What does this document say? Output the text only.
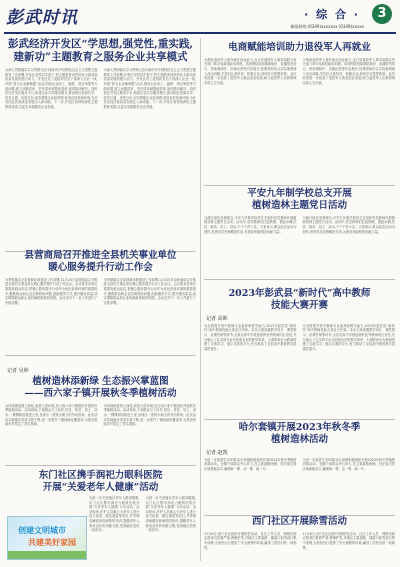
彭武时讯	· 综 合 ·	3
新闻热线:(0349)xxxxxxx (0349)xxxxx
彭武经济开发区“学思想,强党性,重实践,
建新功”主题教育之服务企业共享模式

为深入贯彻落实学习贯彻习近平新时代中国特色社会主义思想主题教育工作部署,开发区坚持以学促干,把主题教育成效转化为推动高质量发展的强大动力。开发区党工委组织党员干部深入企业一线,开展“我为企业解难题”活动,围绕企业用工、融资、项目审批等方面问题,建立问题清单、责任清单和整改清单,逐项推动解决。同时依托开发区服务平台,构建企业共享服务模式,推动园区资源共享、信息互通、优势互补,切实增强企业获得感,营造良好营商环境,为开发区经济高质量发展注入新动能。下一步,开发区将持续深化主题教育成果,以更实举措服务企业发展。

为深入贯彻落实学习贯彻习近平新时代中国特色社会主义思想主题教育工作部署,开发区坚持以学促干,把主题教育成效转化为推动高质量发展的强大动力。开发区党工委组织党员干部深入企业一线,开展“我为企业解难题”活动,围绕企业用工、融资、项目审批等方面问题,建立问题清单、责任清单和整改清单,逐项推动解决。同时依托开发区服务平台,构建企业共享服务模式,推动园区资源共享、信息互通、优势互补,切实增强企业获得感,营造良好营商环境,为开发区经济高质量发展注入新动能。下一步,开发区将持续深化主题教育成果,以更实举措服务企业发展。

县营商局召开推进全县机关事业单位
暖心服务提升行动工作会

为贯彻落实全县营商环境建设工作部署,11月20日县营商局召开推进全县机关事业单位暖心服务提升行动工作会议。会议要求各单位要提高政治站位,把暖心服务提升行动作为优化营商环境的重要抓手,聚焦群众和企业急难愁盼问题,创新服务方式,提升服务质量,切实增强群众和企业的满意度和获得感。会议还对下一步工作进行了安排部署。

为贯彻落实全县营商环境建设工作部署,11月20日县营商局召开推进全县机关事业单位暖心服务提升行动工作会议。会议要求各单位要提高政治站位,把暖心服务提升行动作为优化营商环境的重要抓手,聚焦群众和企业急难愁盼问题,创新服务方式,提升服务质量,切实增强群众和企业的满意度和获得感。会议还对下一步工作进行了安排部署。

记者 吴婷
植树造林添新绿 生态振兴掌蓝图
——西六家子镇开展秋冬季植树活动

为持续推进国土绿化,改善人居环境,近日西六家子镇组织开展秋冬季植树活动。活动现场,干部群众分工协作,挖坑、扶苗、培土、浇水,一棵棵树苗栽进土里,呈现出一派热火朝天的劳动景象。此次活动共栽植各类苗木数千株,进一步提升了镇域绿化覆盖率,为建设美丽乡村奠定了坚实基础。

为持续推进国土绿化,改善人居环境,近日西六家子镇组织开展秋冬季植树活动。活动现场,干部群众分工协作,挖坑、扶苗、培土、浇水,一棵棵树苗栽进土里,呈现出一派热火朝天的劳动景象。此次活动共栽植各类苗木数千株,进一步提升了镇域绿化覆盖率,为建设美丽乡村奠定了坚实基础。

东门社区携手润祀力眼科医院
开展“关爱老年人健康”活动

为进一步关爱辖区老年人眼部健康,东门社区携手润祀力眼科医院开展“关爱老年人健康”义诊活动。活动现场,医护人员耐心为老年人进行视力检查、眼压测量等项目,并详细讲解眼部疾病预防知识,提醒老年人养成良好的用眼习惯,受到辖区居民一致好评。

为进一步关爱辖区老年人眼部健康,东门社区携手润祀力眼科医院开展“关爱老年人健康”义诊活动。活动现场,医护人员耐心为老年人进行视力检查、眼压测量等项目,并详细讲解眼部疾病预防知识,提醒老年人养成良好的用眼习惯,受到辖区居民一致好评。

创建文明城市
共建美好家园
电商赋能培训助力退役军人再就业

为帮助退役军人提升就业创业能力,近日县退役军人事务局联合有关部门举办电商技能培训班。培训围绕电商基础知识、直播带货技巧、短视频制作、店铺运营等内容展开,授课老师结合实际案例深入浅出讲解,学员们认真听讲、积极互动,现场学习氛围浓厚。此次培训进一步拓宽了退役军人就业创业渠道,助力退役军人在新领域实现人生价值。

为帮助退役军人提升就业创业能力,近日县退役军人事务局联合有关部门举办电商技能培训班。培训围绕电商基础知识、直播带货技巧、短视频制作、店铺运营等内容展开,授课老师结合实际案例深入浅出讲解,学员们认真听讲、积极互动,现场学习氛围浓厚。此次培训进一步拓宽了退役军人就业创业渠道,助力退役军人在新领域实现人生价值。

平安九年制学校总支开展
植树造林主题党日活动

为践行绿色发展理念,平安九年制学校党总支组织党员教师开展植树造林主题党日活动。活动中,党员教师们扛起铁锹、提起水桶,挖坑、栽苗、培土、浇水,个个干劲十足。大家表示,要以此次活动为契机,发挥党员先锋模范作用,为建设美丽校园贡献力量。

为践行绿色发展理念,平安九年制学校党总支组织党员教师开展植树造林主题党日活动。活动中,党员教师们扛起铁锹、提起水桶,挖坑、栽苗、培土、浇水,个个干劲十足。大家表示,要以此次活动为契机,发挥党员先锋模范作用,为建设美丽校园贡献力量。

2023年彭武县“新时代”高中教师
技能大赛开赛
记者 高晖

为全面提升高中教师专业素养和教学能力,2023年彭武县“新时代”高中教师技能大赛近日开赛。本次大赛设置教学设计、课堂展示、说课答辩等环节,全县各高中学校选派的优秀教师同台竞技,充分展示了扎实的专业功底和良好的教学风采。大赛的举办为教师搭建了交流学习、展示自我的平台,有力推动了全县高中教育教学质量的提升。

为全面提升高中教师专业素养和教学能力,2023年彭武县“新时代”高中教师技能大赛近日开赛。本次大赛设置教学设计、课堂展示、说课答辩等环节,全县各高中学校选派的优秀教师同台竞技,充分展示了扎实的专业功底和良好的教学风采。大赛的举办为教师搭建了交流学习、展示自我的平台,有力推动了全县高中教育教学质量的提升。

哈尔套镇开展2023年秋冬季
植树造林活动
记者 赵凯

为进一步改善生态环境,哈尔套镇积极组织开展2023年秋冬季植树造林活动。全镇干部群众齐心协力,在主要道路两侧、村庄周边等区域栽植苗木,确保栽一棵、活一棵、绿一片。

为进一步改善生态环境,哈尔套镇积极组织开展2023年秋冬季植树造林活动。全镇干部群众齐心协力,在主要道路两侧、村庄周边等区域栽植苗木,确保栽一棵、活一棵、绿一片。

西门社区开展除雪活动

11月6日,西门社区组织开展除雪活动。社区工作人员、网格员和志愿者们冒着严寒,挥锹铲雪,对辖区主要道路、楼道口积雪进行集中清理,为居民出行提供了安全便利的环境,赢得了居民们的一致称赞。

11月6日,西门社区组织开展除雪活动。社区工作人员、网格员和志愿者们冒着严寒,挥锹铲雪,对辖区主要道路、楼道口积雪进行集中清理,为居民出行提供了安全便利的环境,赢得了居民们的一致称赞。
